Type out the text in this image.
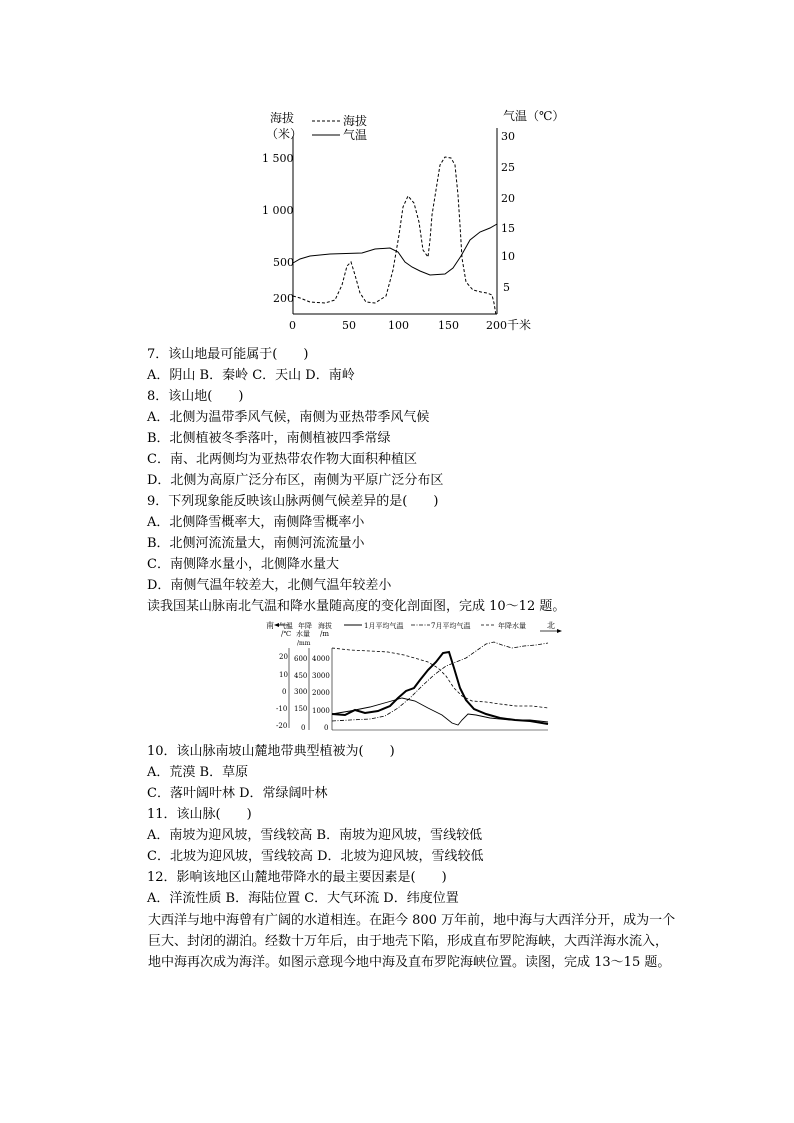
海拔
（米）
气温（℃）
海拔
气温
200
500
1 000
1 500
5
10
15
20
25
30
0	50	100	150 200 千米
7．该山地最可能属于(　　)
A．阴山 B．秦岭 C．天山 D．南岭
8．该山地(　　)
A．北侧为温带季风气候，南侧为亚热带季风气候
B．北侧植被冬季落叶，南侧植被四季常绿
C．南、北两侧均为亚热带农作物大面积种植区
D．北侧为高原广泛分布区，南侧为平原广泛分布区
9．下列现象能反映该山脉两侧气候差异的是(　　)
A．北侧降雪概率大，南侧降雪概率小
B．北侧河流流量大，南侧河流流量小
C．南侧降水量小，北侧降水量大
D．南侧气温年较差大，北侧气温年较差小
读我国某山脉南北气温和降水量随高度的变化剖面图，完成 10～12 题。
南	北
气温
/℃
年降
水量
/mm
海拔
/m
1月平均气温	7月平均气温	年降水量
20
10
0
-10
-20
600
450
300
150
0
4000
3000
2000
1000
0
10．该山脉南坡山麓地带典型植被为(　　)
A．荒漠 B．草原
C．落叶阔叶林 D．常绿阔叶林
11．该山脉(　　)
A．南坡为迎风坡，雪线较高 B．南坡为迎风坡，雪线较低
C．北坡为迎风坡，雪线较高 D．北坡为迎风坡，雪线较低
12．影响该地区山麓地带降水的最主要因素是(　　)
A．洋流性质 B．海陆位置 C．大气环流 D．纬度位置
大西洋与地中海曾有广阔的水道相连。在距今 800 万年前，地中海与大西洋分开，成为一个巨大、封闭的湖泊。经数十万年后，由于地壳下陷，形成直布罗陀海峡，大西洋海水流入，地中海再次成为海洋。如图示意现今地中海及直布罗陀海峡位置。读图，完成 13～15 题。
